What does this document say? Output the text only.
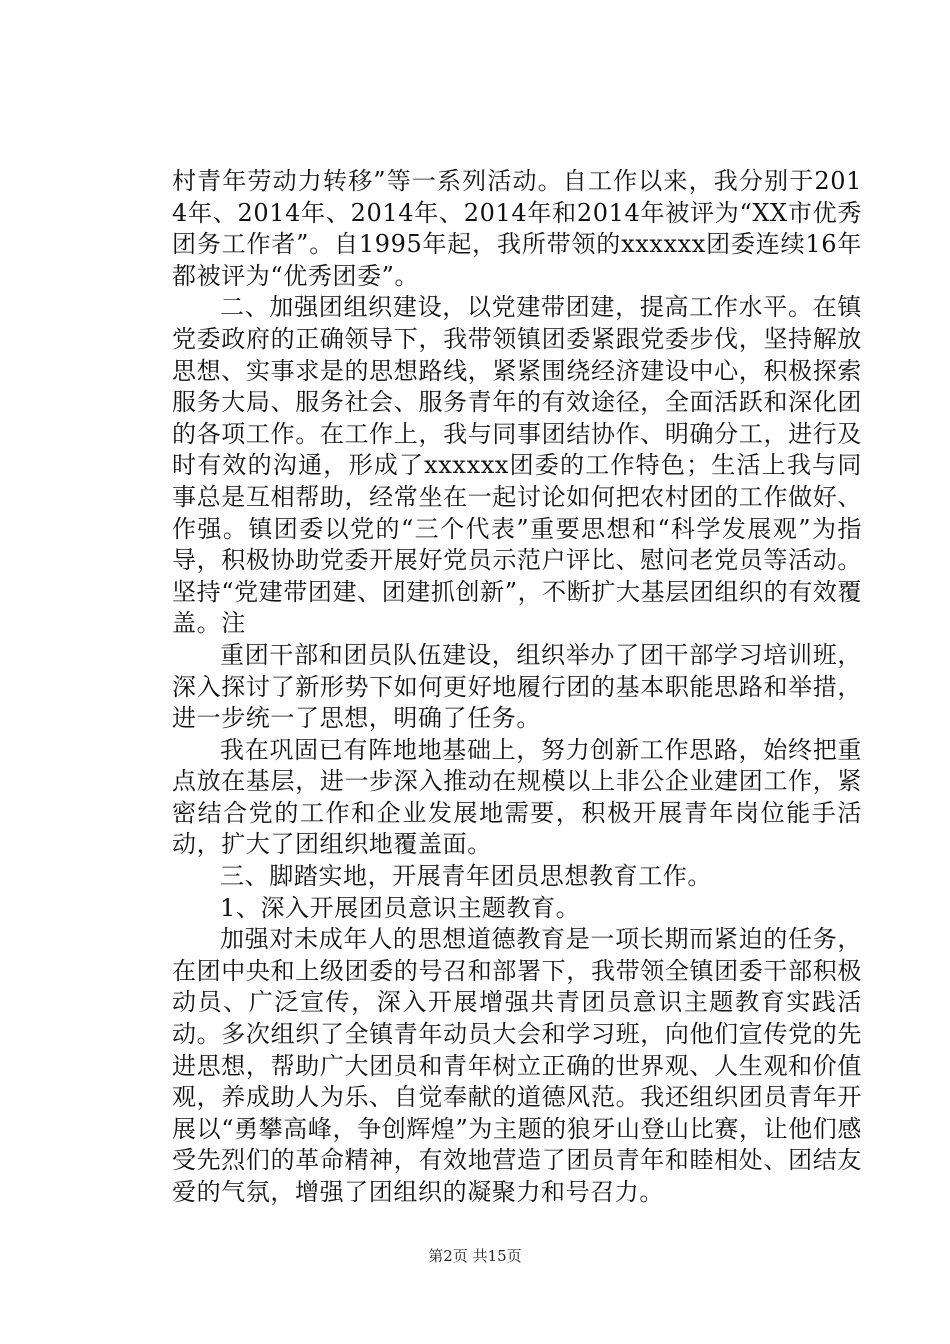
村青年劳动力转移”等一系列活动。自工作以来，我分别于2014年、2014年、2014年、2014年和2014年被评为“XX市优秀团务工作者”。自1995年起，我所带领的xxxxxx团委连续16年都被评为“优秀团委”。

二、加强团组织建设，以党建带团建，提高工作水平。在镇党委政府的正确领导下，我带领镇团委紧跟党委步伐，坚持解放思想、实事求是的思想路线，紧紧围绕经济建设中心，积极探索服务大局、服务社会、服务青年的有效途径，全面活跃和深化团的各项工作。在工作上，我与同事团结协作、明确分工，进行及时有效的沟通，形成了xxxxxx团委的工作特色；生活上我与同事总是互相帮助，经常坐在一起讨论如何把农村团的工作做好、作强。镇团委以党的“三个代表”重要思想和“科学发展观”为指导，积极协助党委开展好党员示范户评比、慰问老党员等活动。坚持“党建带团建、团建抓创新”，不断扩大基层团组织的有效覆盖。注

重团干部和团员队伍建设，组织举办了团干部学习培训班，深入探讨了新形势下如何更好地履行团的基本职能思路和举措，进一步统一了思想，明确了任务。

我在巩固已有阵地地基础上，努力创新工作思路，始终把重点放在基层，进一步深入推动在规模以上非公企业建团工作，紧密结合党的工作和企业发展地需要，积极开展青年岗位能手活动，扩大了团组织地覆盖面。

三、脚踏实地，开展青年团员思想教育工作。

1、深入开展团员意识主题教育。

加强对未成年人的思想道德教育是一项长期而紧迫的任务，在团中央和上级团委的号召和部署下，我带领全镇团委干部积极动员、广泛宣传，深入开展增强共青团员意识主题教育实践活动。多次组织了全镇青年动员大会和学习班，向他们宣传党的先进思想，帮助广大团员和青年树立正确的世界观、人生观和价值观，养成助人为乐、自觉奉献的道德风范。我还组织团员青年开展以“勇攀高峰，争创辉煌”为主题的狼牙山登山比赛，让他们感受先烈们的革命精神，有效地营造了团员青年和睦相处、团结友爱的气氛，增强了团组织的凝聚力和号召力。

第2页 共15页
